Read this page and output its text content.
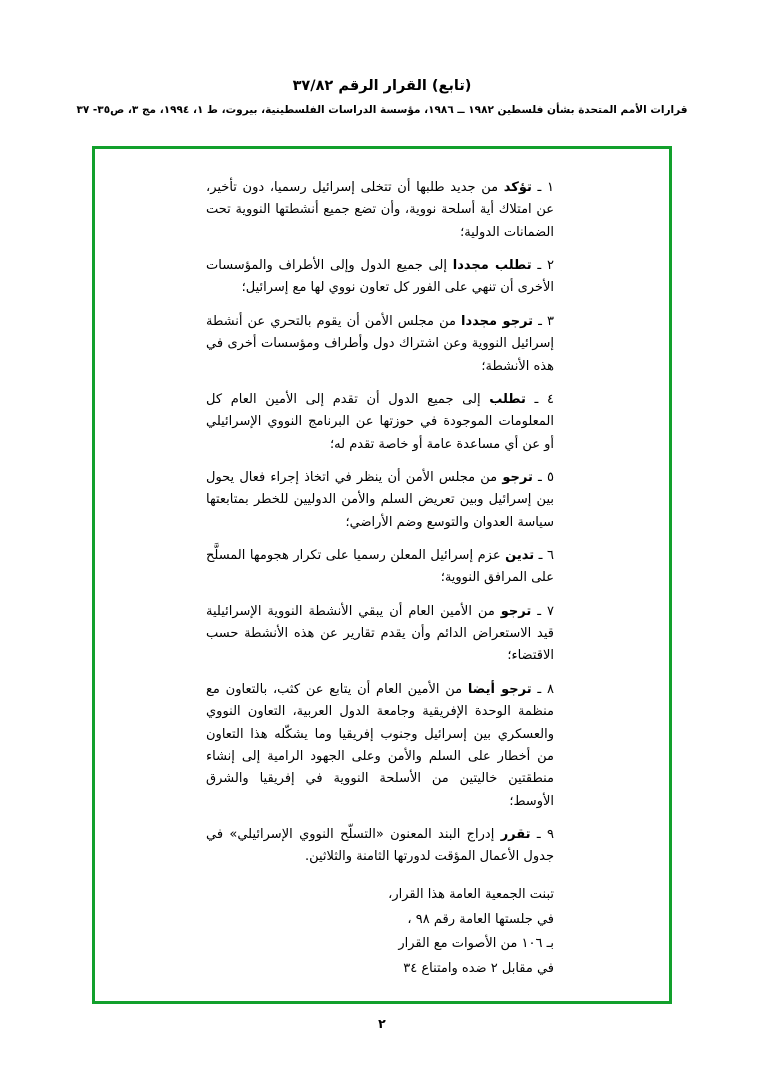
(تابع) القرار الرقم ٣٧/٨٢
قرارات الأمم المتحدة بشأن فلسطين ١٩٨٢ ــ ١٩٨٦، مؤسسة الدراسات الفلسطينية، بيروت، ط ١، ١٩٩٤، مج ٣، ص٣٥- ٣٧

١ ـ تؤكد من جديد طلبها أن تتخلى إسرائيل رسميا، دون تأخير، عن امتلاك أية أسلحة نووية، وأن تضع جميع أنشطتها النووية تحت الضمانات الدولية؛

٢ ـ تطلب مجددا إلى جميع الدول وإلى الأطراف والمؤسسات الأخرى أن تنهي على الفور كل تعاون نووي لها مع إسرائيل؛

٣ ـ ترجو مجددا من مجلس الأمن أن يقوم بالتحري عن أنشطة إسرائيل النووية وعن اشتراك دول وأطراف ومؤسسات أخرى في هذه الأنشطة؛

٤ ـ تطلب إلى جميع الدول أن تقدم إلى الأمين العام كل المعلومات الموجودة في حوزتها عن البرنامج النووي الإسرائيلي أو عن أي مساعدة عامة أو خاصة تقدم له؛

٥ ـ ترجو من مجلس الأمن أن ينظر في اتخاذ إجراء فعال يحول بين إسرائيل وبين تعريض السلم والأمن الدوليين للخطر بمتابعتها سياسة العدوان والتوسع وضم الأراضي؛

٦ ـ تدين عزم إسرائيل المعلن رسميا على تكرار هجومها المسلَّح على المرافق النووية؛

٧ ـ ترجو من الأمين العام أن يبقي الأنشطة النووية الإسرائيلية قيد الاستعراض الدائم وأن يقدم تقارير عن هذه الأنشطة حسب الاقتضاء؛

٨ ـ ترجو أيضا من الأمين العام أن يتابع عن كثب، بالتعاون مع منظمة الوحدة الإفريقية وجامعة الدول العربية، التعاون النووي والعسكري بين إسرائيل وجنوب إفريقيا وما يشكّله هذا التعاون من أخطار على السلم والأمن وعلى الجهود الرامية إلى إنشاء منطقتين خاليتين من الأسلحة النووية في إفريقيا والشرق الأوسط؛

٩ ـ تقرر إدراج البند المعنون «التسلّح النووي الإسرائيلي» في جدول الأعمال المؤقت لدورتها الثامنة والثلاثين.

تبنت الجمعية العامة هذا القرار،

في جلستها العامة رقم ٩٨ ،

بـ ١٠٦ من الأصوات مع القرار

في مقابل ٢ ضده وامتناع ٣٤

٢
